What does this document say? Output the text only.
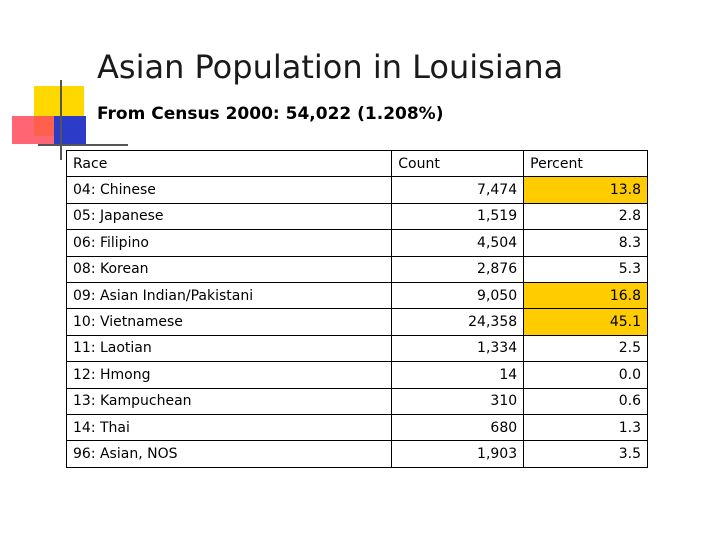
Asian Population in Louisiana
From Census 2000: 54,022 (1.208%)
Race	Count	Percent
04: Chinese	7,474	13.8
05: Japanese	1,519	2.8
06: Filipino	4,504	8.3
08: Korean	2,876	5.3
09: Asian Indian/Pakistani	9,050	16.8
10: Vietnamese	24,358	45.1
11: Laotian	1,334	2.5
12: Hmong	14	0.0
13: Kampuchean	310	0.6
14: Thai	680	1.3
96: Asian, NOS	1,903	3.5
